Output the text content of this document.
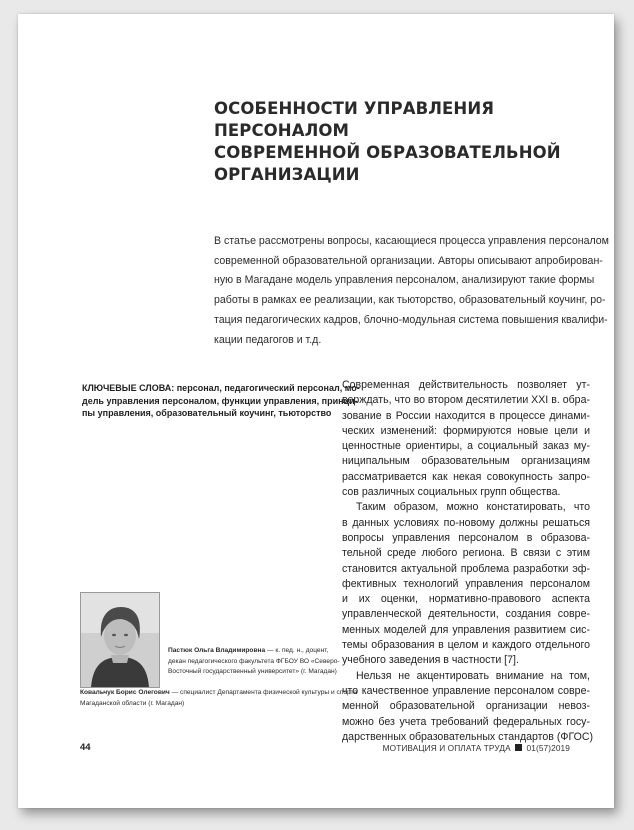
ОСОБЕННОСТИ УПРАВЛЕНИЯ ПЕРСОНАЛОМ
СОВРЕМЕННОЙ ОБРАЗОВАТЕЛЬНОЙ
ОРГАНИЗАЦИИ
В статье рассмотрены вопросы, касающиеся процесса управления персоналом
современной образовательной организации. Авторы описывают апробирован-
ную в Магадане модель управления персоналом, анализируют такие формы
работы в рамках ее реализации, как тьюторство, образовательный коучинг, ро-
тация педагогических кадров, блочно-модульная система повышения квалифи-
кации педагогов и т.д.
КЛЮЧЕВЫЕ СЛОВА: персонал, педагогический персонал, мо-
дель управления персоналом, функции управления, принци-
пы управления, образовательный коучинг, тьюторство
Пастюк Ольга Владимировна — к. пед. н., доцент,
декан педагогического факультета ФГБОУ ВО «Северо-
Восточный государственный университет» (г. Магадан)
Ковальчук Борис Олегович — специалист Департамента физической культуры и спорта
Магаданской области (г. Магадан)
Современная действительность позволяет ут-
верждать, что во втором десятилетии XXI в. обра-
зование в России находится в процессе динами-
ческих изменений: формируются новые цели и
ценностные ориентиры, а социальный заказ му-
ниципальным образовательным организациям
рассматривается как некая совокупность запро-
сов различных социальных групп общества.
Таким образом, можно констатировать, что
в данных условиях по-новому должны решаться
вопросы управления персоналом в образова-
тельной среде любого региона. В связи с этим
становится актуальной проблема разработки эф-
фективных технологий управления персоналом
и их оценки, нормативно-правового аспекта
управленческой деятельности, создания совре-
менных моделей для управления развитием сис-
темы образования в целом и каждого отдельного
учебного заведения в частности [7].
Нельзя не акцентировать внимание на том,
что качественное управление персоналом совре-
менной образовательной организации невоз-
можно без учета требований федеральных госу-
дарственных образовательных стандартов (ФГОС)
44	МОТИВАЦИЯ И ОПЛАТА ТРУДА 01(57)2019
